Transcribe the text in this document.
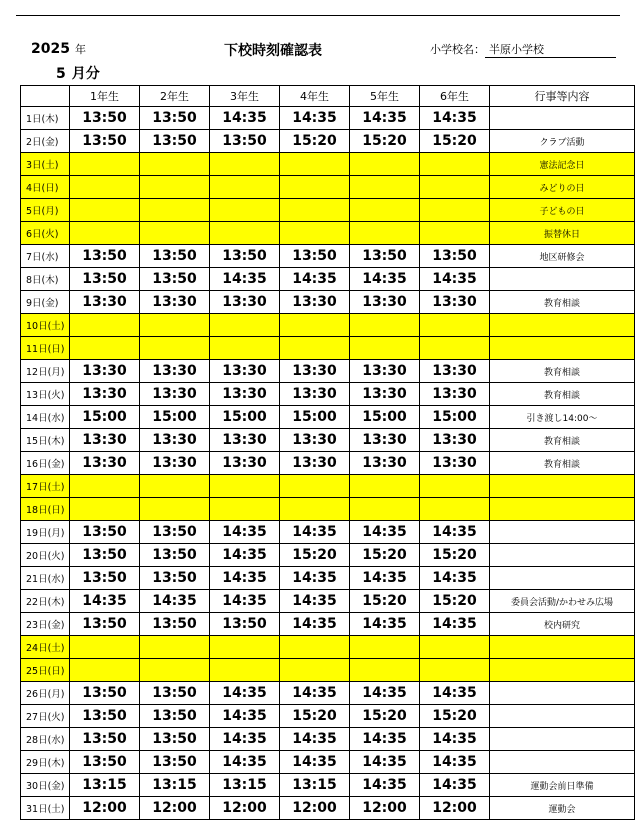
2025 年
5 月分
下校時刻確認表	小学校名： 半原小学校
	1年生	2年生	3年生	4年生	5年生	6年生	行事等内容
1日(木)	13:50	13:50	14:35	14:35	14:35	14:35	
2日(金)	13:50	13:50	13:50	15:20	15:20	15:20	クラブ活動
3日(土)							憲法記念日
4日(日)							みどりの日
5日(月)							子どもの日
6日(火)							振替休日
7日(水)	13:50	13:50	13:50	13:50	13:50	13:50	地区研修会
8日(木)	13:50	13:50	14:35	14:35	14:35	14:35	
9日(金)	13:30	13:30	13:30	13:30	13:30	13:30	教育相談
10日(土)							
11日(日)							
12日(月)	13:30	13:30	13:30	13:30	13:30	13:30	教育相談
13日(火)	13:30	13:30	13:30	13:30	13:30	13:30	教育相談
14日(水)	15:00	15:00	15:00	15:00	15:00	15:00	引き渡し14:00〜
15日(木)	13:30	13:30	13:30	13:30	13:30	13:30	教育相談
16日(金)	13:30	13:30	13:30	13:30	13:30	13:30	教育相談
17日(土)							
18日(日)							
19日(月)	13:50	13:50	14:35	14:35	14:35	14:35	
20日(火)	13:50	13:50	14:35	15:20	15:20	15:20	
21日(水)	13:50	13:50	14:35	14:35	14:35	14:35	
22日(木)	14:35	14:35	14:35	14:35	15:20	15:20	委員会活動/かわせみ広場
23日(金)	13:50	13:50	13:50	14:35	14:35	14:35	校内研究
24日(土)							
25日(日)							
26日(月)	13:50	13:50	14:35	14:35	14:35	14:35	
27日(火)	13:50	13:50	14:35	15:20	15:20	15:20	
28日(水)	13:50	13:50	14:35	14:35	14:35	14:35	
29日(木)	13:50	13:50	14:35	14:35	14:35	14:35	
30日(金)	13:15	13:15	13:15	13:15	14:35	14:35	運動会前日準備
31日(土)	12:00	12:00	12:00	12:00	12:00	12:00	運動会
